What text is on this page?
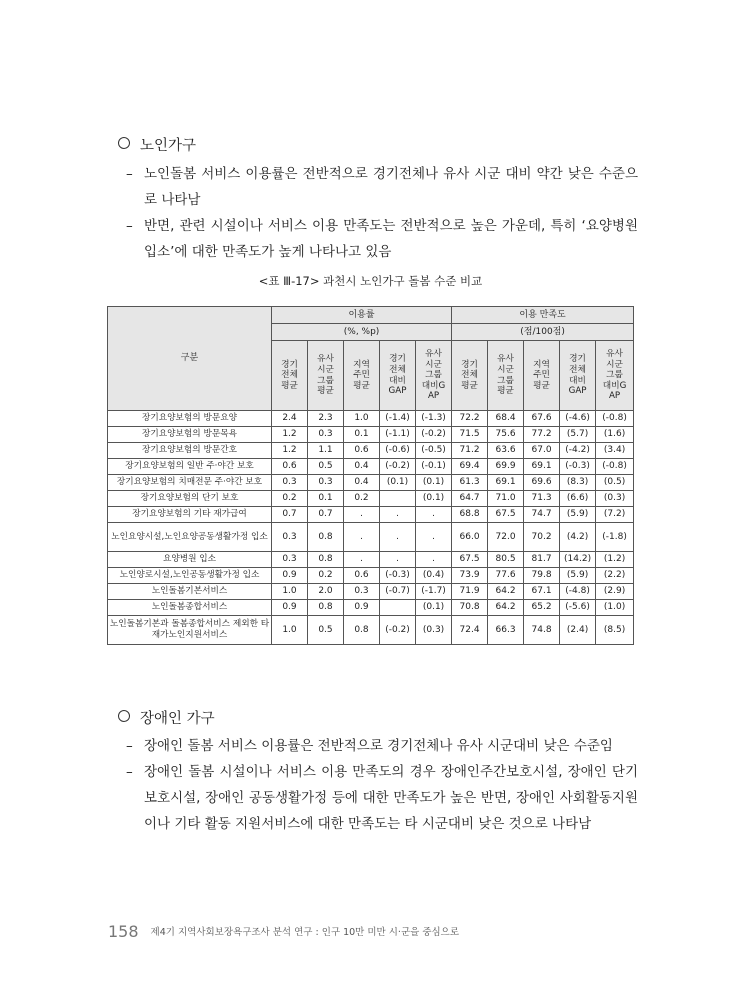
노인가구
– 노인돌봄 서비스 이용률은 전반적으로 경기전체나 유사 시군 대비 약간 낮은 수준으로 나타남
– 반면, 관련 시설이나 서비스 이용 만족도는 전반적으로 높은 가운데, 특히 ‘요양병원 입소’에 대한 만족도가 높게 나타나고 있음
<표 Ⅲ-17> 과천시 노인가구 돌봄 수준 비교
구분	이용률					이용 만족도				
	(%, %p)					(점/100점)				
	경기
전체
평균	유사
시군
그룹
평균	지역
주민
평균	경기
전체
대비
GAP	유사
시군
그룹
대비G
AP	경기
전체
평균	유사
시군
그룹
평균	지역
주민
평균	경기
전체
대비
GAP	유사
시군
그룹
대비G
AP
장기요양보험의 방문요양	2.4	2.3	1.0	(-1.4)	(-1.3)	72.2	68.4	67.6	(-4.6)	(-0.8)
장기요양보험의 방문목욕	1.2	0.3	0.1	(-1.1)	(-0.2)	71.5	75.6	77.2	(5.7)	(1.6)
장기요양보험의 방문간호	1.2	1.1	0.6	(-0.6)	(-0.5)	71.2	63.6	67.0	(-4.2)	(3.4)
장기요양보험의 일반 주·야간 보호	0.6	0.5	0.4	(-0.2)	(-0.1)	69.4	69.9	69.1	(-0.3)	(-0.8)
장기요양보험의 치매전문 주·야간 보호	0.3	0.3	0.4	(0.1)	(0.1)	61.3	69.1	69.6	(8.3)	(0.5)
장기요양보험의 단기 보호	0.2	0.1	0.2		(0.1)	64.7	71.0	71.3	(6.6)	(0.3)
장기요양보험의 기타 재가급여	0.7	0.7	.	.	.	68.8	67.5	74.7	(5.9)	(7.2)
노인요양시설,노인요양공동생활가정 입소	0.3	0.8	.	.	.	66.0	72.0	70.2	(4.2)	(-1.8)
요양병원 입소	0.3	0.8	.	.	.	67.5	80.5	81.7	(14.2)	(1.2)
노인양로시설,노인공동생활가정 입소	0.9	0.2	0.6	(-0.3)	(0.4)	73.9	77.6	79.8	(5.9)	(2.2)
노인돌봄기본서비스	1.0	2.0	0.3	(-0.7)	(-1.7)	71.9	64.2	67.1	(-4.8)	(2.9)
노인돌봄종합서비스	0.9	0.8	0.9		(0.1)	70.8	64.2	65.2	(-5.6)	(1.0)
노인돌봄기본과 돌봄종합서비스 제외한 타재가노인지원서비스	1.0	0.5	0.8	(-0.2)	(0.3)	72.4	66.3	74.8	(2.4)	(8.5)
장애인 가구
– 장애인 돌봄 서비스 이용률은 전반적으로 경기전체나 유사 시군대비 낮은 수준임
– 장애인 돌봄 시설이나 서비스 이용 만족도의 경우 장애인주간보호시설, 장애인 단기보호시설, 장애인 공동생활가정 등에 대한 만족도가 높은 반면, 장애인 사회활동지원이나 기타 활동 지원서비스에 대한 만족도는 타 시군대비 낮은 것으로 나타남
158 제4기 지역사회보장욕구조사 분석 연구 : 인구 10만 미만 시·군을 중심으로
